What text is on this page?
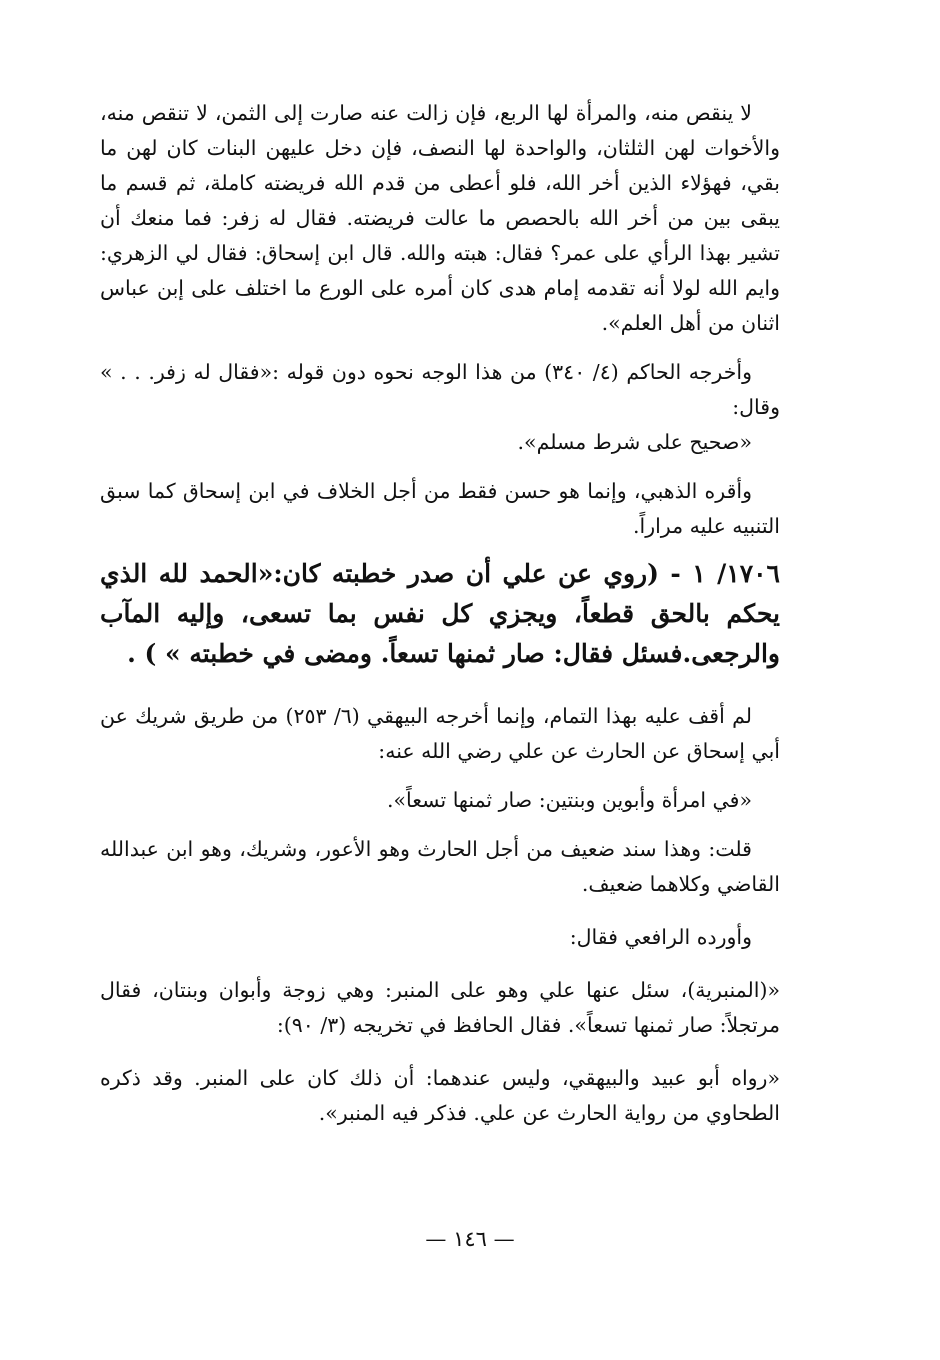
لا ينقص منه، والمرأة لها الربع، فإن زالت عنه صارت إلى الثمن، لا تنقص منه، والأخوات لهن الثلثان، والواحدة لها النصف، فإن دخل عليهن البنات كان لهن ما بقي، فهؤلاء الذين أخر الله، فلو أعطى من قدم الله فريضته كاملة، ثم قسم ما يبقى بين من أخر الله بالحصص ما عالت فريضته. فقال له زفر: فما منعك أن تشير بهذا الرأي على عمر؟ فقال: هبته والله. قال ابن إسحاق: فقال لي الزهري: وايم الله لولا أنه تقدمه إمام هدى كان أمره على الورع ما اختلف على إبن عباس اثنان من أهل العلم».

وأخرجه الحاكم (٤/ ٣٤٠) من هذا الوجه نحوه دون قوله :«فقال له زفر. . . » وقال:

«صحيح على شرط مسلم».

وأقره الذهبي، وإنما هو حسن فقط من أجل الخلاف في ابن إسحاق كما سبق التنبيه عليه مراراً.

١٧٠٦/ ١ - (روي عن علي أن صدر خطبته كان:«الحمد لله الذي يحكم بالحق قطعاً، ويجزي كل نفس بما تسعى، وإليه المآب والرجعى.فسئل فقال: صار ثمنها تسعاً. ومضى في خطبته » ) .

لم أقف عليه بهذا التمام، وإنما أخرجه البيهقي (٦/ ٢٥٣) من طريق شريك عن أبي إسحاق عن الحارث عن علي رضي الله عنه:

«في امرأة وأبوين وبنتين: صار ثمنها تسعاً».

قلت: وهذا سند ضعيف من أجل الحارث وهو الأعور، وشريك، وهو ابن عبدالله القاضي وكلاهما ضعيف.

وأورده الرافعي فقال:

«(المنبرية)، سئل عنها علي وهو على المنبر: وهي زوجة وأبوان وبنتان، فقال مرتجلاً: صار ثمنها تسعاً». فقال الحافظ في تخريجه (٣/ ٩٠):

«رواه أبو عبيد والبيهقي، وليس عندهما: أن ذلك كان على المنبر. وقد ذكره الطحاوي من رواية الحارث عن علي. فذكر فيه المنبر».

— ١٤٦ —
